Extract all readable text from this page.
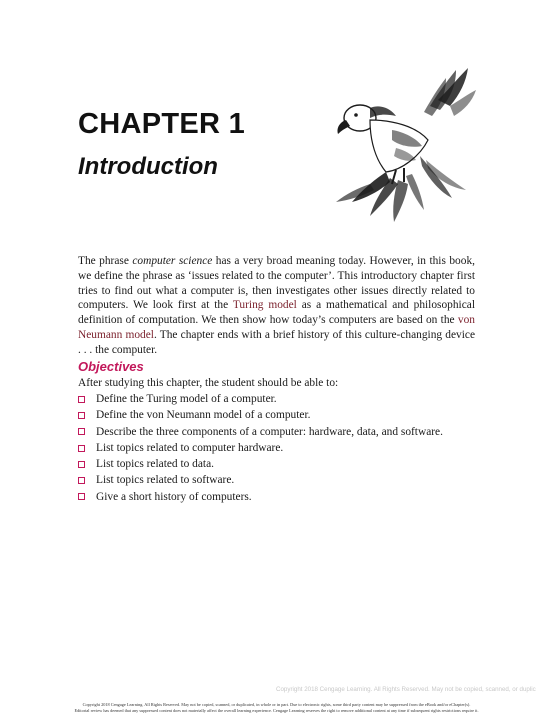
CHAPTER 1
Introduction

The phrase computer science has a very broad meaning today. However, in this book, we define the phrase as ‘issues related to the computer’. This introductory chapter first tries to find out what a computer is, then investigates other issues directly related to computers. We look first at the Turing model as a mathematical and philosophical definition of computation. We then show how today’s computers are based on the von Neumann model. The chapter ends with a brief history of this culture-changing device . . . the computer.

Objectives

After studying this chapter, the student should be able to:

Define the Turing model of a computer.
Define the von Neumann model of a computer.
Describe the three components of a computer: hardware, data, and software.
List topics related to computer hardware.
List topics related to data.
List topics related to software.
Give a short history of computers.

Copyright 2018 Cengage Learning. All Rights Reserved. May not be copied, scanned, or duplic

Copyright 2018 Cengage Learning. All Rights Reserved. May not be copied, scanned, or duplicated, in whole or in part. Due to electronic rights, some third party content may be suppressed from the eBook and/or eChapter(s).
Editorial review has deemed that any suppressed content does not materially affect the overall learning experience. Cengage Learning reserves the right to remove additional content at any time if subsequent rights restrictions require it.
